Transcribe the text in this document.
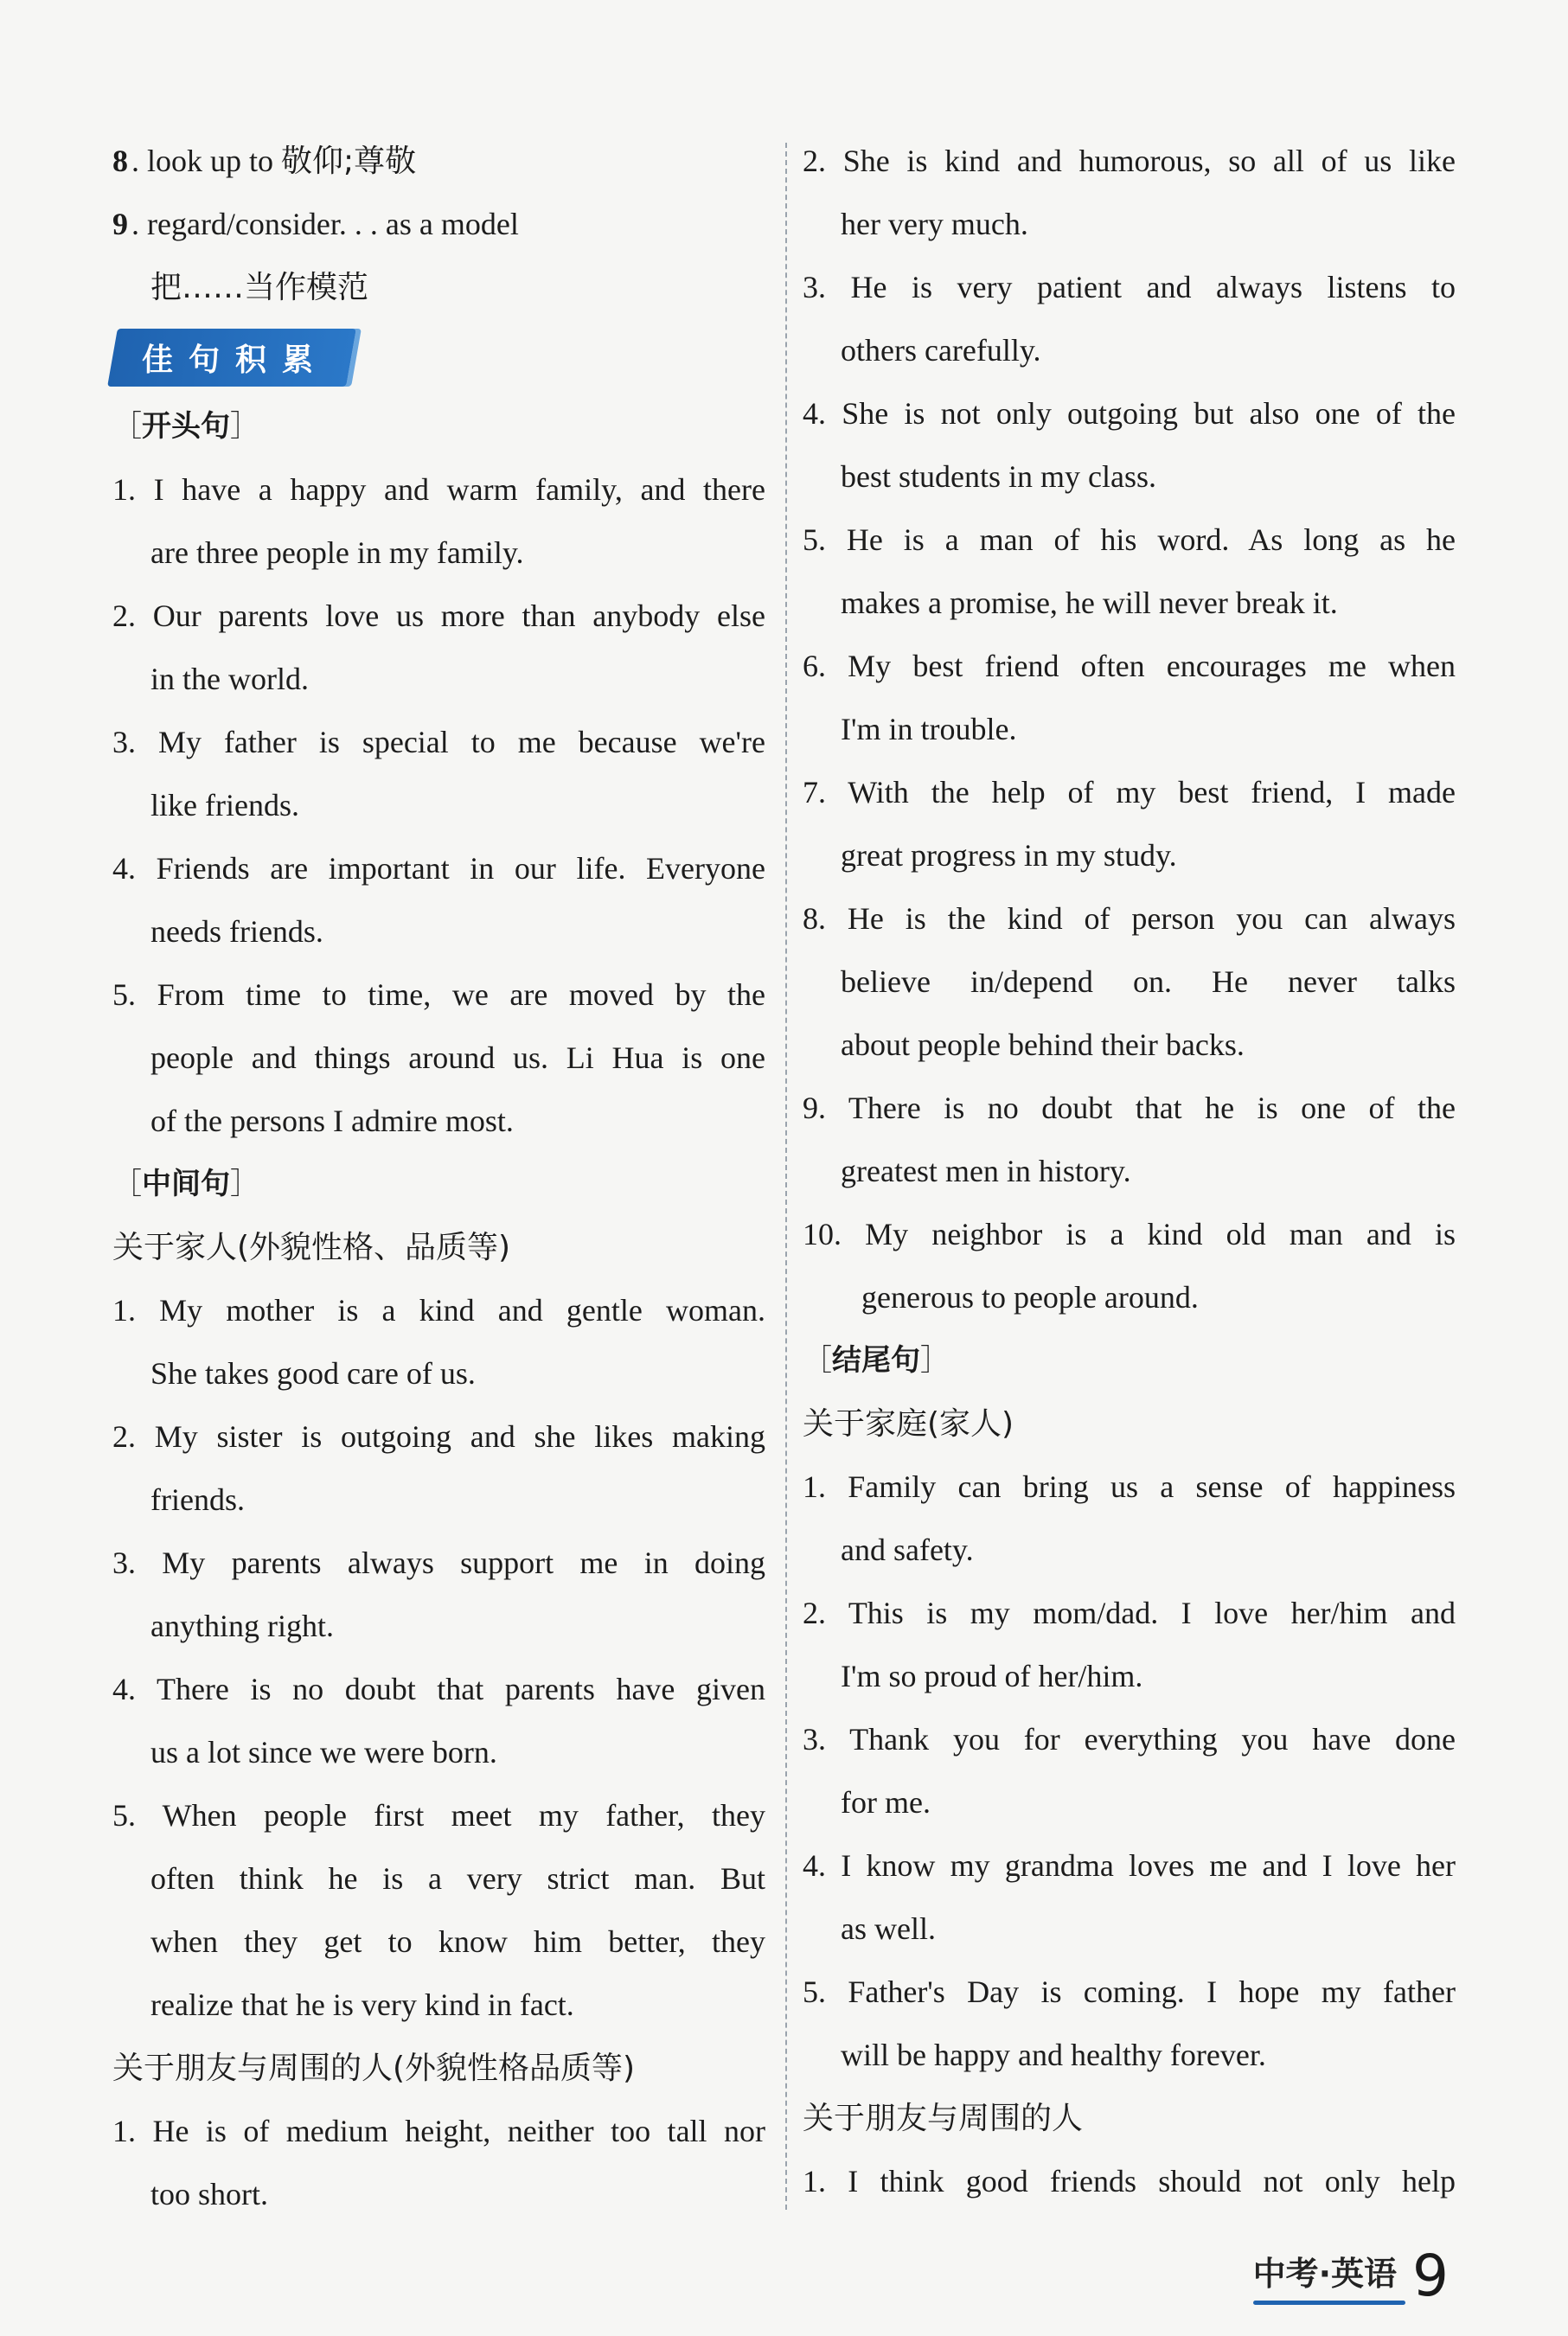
8 . look up to 敬仰;尊敬
9 . regard/consider. . . as a model
把……当作模范
佳句积累
［开头句］
1. I have a happy and warm family, and there
are three people in my family.
2. Our parents love us more than anybody else
in the world.
3. My father is special to me because we're
like friends.
4. Friends are important in our life. Everyone
needs friends.
5. From time to time, we are moved by the
people and things around us. Li Hua is one
of the persons I admire most.
［中间句］
关于家人(外貌性格、品质等)
1. My mother is a kind and gentle woman.
She takes good care of us.
2. My sister is outgoing and she likes making
friends.
3. My parents always support me in doing
anything right.
4. There is no doubt that parents have given
us a lot since we were born.
5. When people first meet my father, they
often think he is a very strict man. But
when they get to know him better, they
realize that he is very kind in fact.
关于朋友与周围的人(外貌性格品质等)
1. He is of medium height, neither too tall nor
too short.
2. She is kind and humorous, so all of us like
her very much.
3. He is very patient and always listens to
others carefully.
4. She is not only outgoing but also one of the
best students in my class.
5. He is a man of his word. As long as he
makes a promise, he will never break it.
6. My best friend often encourages me when
I'm in trouble.
7. With the help of my best friend, I made
great progress in my study.
8. He is the kind of person you can always
believe in/depend on. He never talks
about people behind their backs.
9. There is no doubt that he is one of the
greatest men in history.
10. My neighbor is a kind old man and is
generous to people around.
［结尾句］
关于家庭(家人)
1. Family can bring us a sense of happiness
and safety.
2. This is my mom/dad. I love her/him and
I'm so proud of her/him.
3. Thank you for everything you have done
for me.
4. I know my grandma loves me and I love her
as well.
5. Father's Day is coming. I hope my father
will be happy and healthy forever.
关于朋友与周围的人
1. I think good friends should not only help
中考·英语 9
